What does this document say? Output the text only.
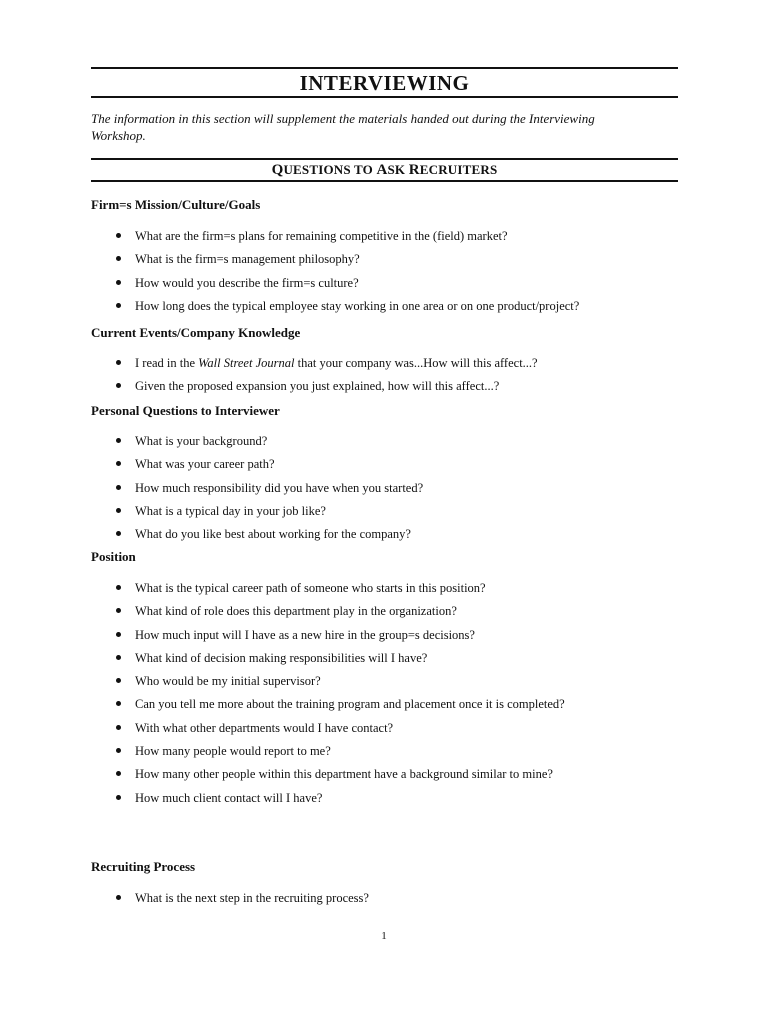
INTERVIEWING
The information in this section will supplement the materials handed out during the Interviewing Workshop.
QUESTIONS TO ASK RECRUITERS
Firm=s Mission/Culture/Goals
What are the firm=s plans for remaining competitive in the (field) market?
What is the firm=s management philosophy?
How would you describe the firm=s culture?
How long does the typical employee stay working in one area or on one product/project?
Current Events/Company Knowledge
I read in the Wall Street Journal that your company was...How will this affect...?
Given the proposed expansion you just explained, how will this affect...?
Personal Questions to Interviewer
What is your background?
What was your career path?
How much responsibility did you have when you started?
What is a typical day in your job like?
What do you like best about working for the company?
Position
What is the typical career path of someone who starts in this position?
What kind of role does this department play in the organization?
How much input will I have as a new hire in the group=s decisions?
What kind of decision making responsibilities will I have?
Who would be my initial supervisor?
Can you tell me more about the training program and placement once it is completed?
With what other departments would I have contact?
How many people would report to me?
How many other people within this department have a background similar to mine?
How much client contact will I have?
Recruiting Process
What is the next step in the recruiting process?
1
